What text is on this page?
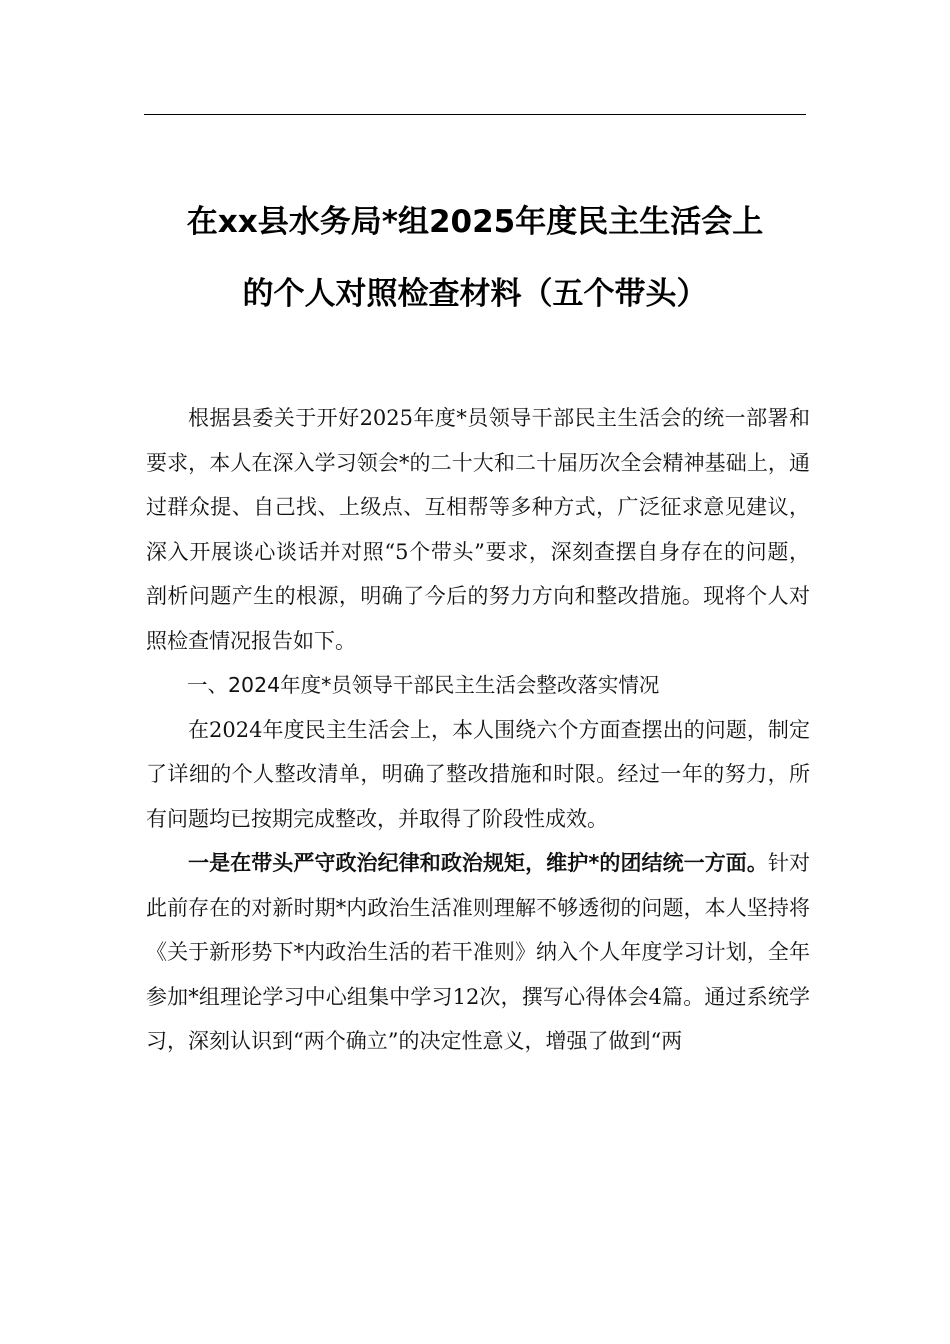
在xx县水务局*组2025年度民主生活会上
的个人对照检查材料（五个带头）

根据县委关于开好2025年度*员领导干部民主生活会的统一部署和要求，本人在深入学习领会*的二十大和二十届历次全会精神基础上，通过群众提、自己找、上级点、互相帮等多种方式，广泛征求意见建议，深入开展谈心谈话并对照“5个带头”要求，深刻查摆自身存在的问题，剖析问题产生的根源，明确了今后的努力方向和整改措施。现将个人对照检查情况报告如下。

一、2024年度*员领导干部民主生活会整改落实情况

在2024年度民主生活会上，本人围绕六个方面查摆出的问题，制定了详细的个人整改清单，明确了整改措施和时限。经过一年的努力，所有问题均已按期完成整改，并取得了阶段性成效。

一是在带头严守政治纪律和政治规矩，维护*的团结统一方面。针对此前存在的对新时期*内政治生活准则理解不够透彻的问题，本人坚持将《关于新形势下*内政治生活的若干准则》纳入个人年度学习计划，全年参加*组理论学习中心组集中学习12次，撰写心得体会4篇。通过系统学习，深刻认识到“两个确立”的决定性意义，增强了做到“两
